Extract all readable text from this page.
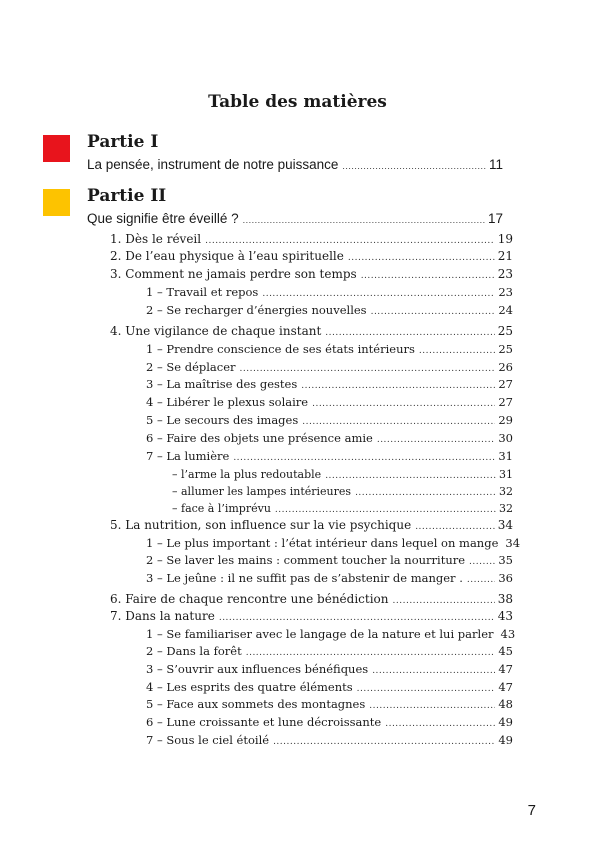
Table des matières
Partie I
La pensée, instrument de notre puissance .....	11
Partie II
Que signifie être éveillé ? .....	17
1. Dès le réveil .....	19
2. De l’eau physique à l’eau spirituelle .....	21
3. Comment ne jamais perdre son temps .....	23
1 – Travail et repos .....	23
2 – Se recharger d’énergies nouvelles .....	24
4. Une vigilance de chaque instant .....	25
1 – Prendre conscience de ses états intérieurs .....	25
2 – Se déplacer .....	26
3 – La maîtrise des gestes .....	27
4 – Libérer le plexus solaire .....	27
5 – Le secours des images .....	29
6 – Faire des objets une présence amie .....	30
7 – La lumière .....	31
– l’arme la plus redoutable .....	31
– allumer les lampes intérieures .....	32
– face à l’imprévu .....	32
5. La nutrition, son influence sur la vie psychique .....	34
1 – Le plus important : l’état intérieur dans lequel on mange 34
2 – Se laver les mains : comment toucher la nourriture .....	35
3 – Le jeûne : il ne suffit pas de s’abstenir de manger . .....	36
6. Faire de chaque rencontre une bénédiction .....	38
7. Dans la nature .....	43
1 – Se familiariser avec le langage de la nature et lui parler 43
2 – Dans la forêt .....	45
3 – S’ouvrir aux influences bénéfiques .....	47
4 – Les esprits des quatre éléments .....	47
5 – Face aux sommets des montagnes .....	48
6 – Lune croissante et lune décroissante .....	49
7 – Sous le ciel étoilé .....	49
7
